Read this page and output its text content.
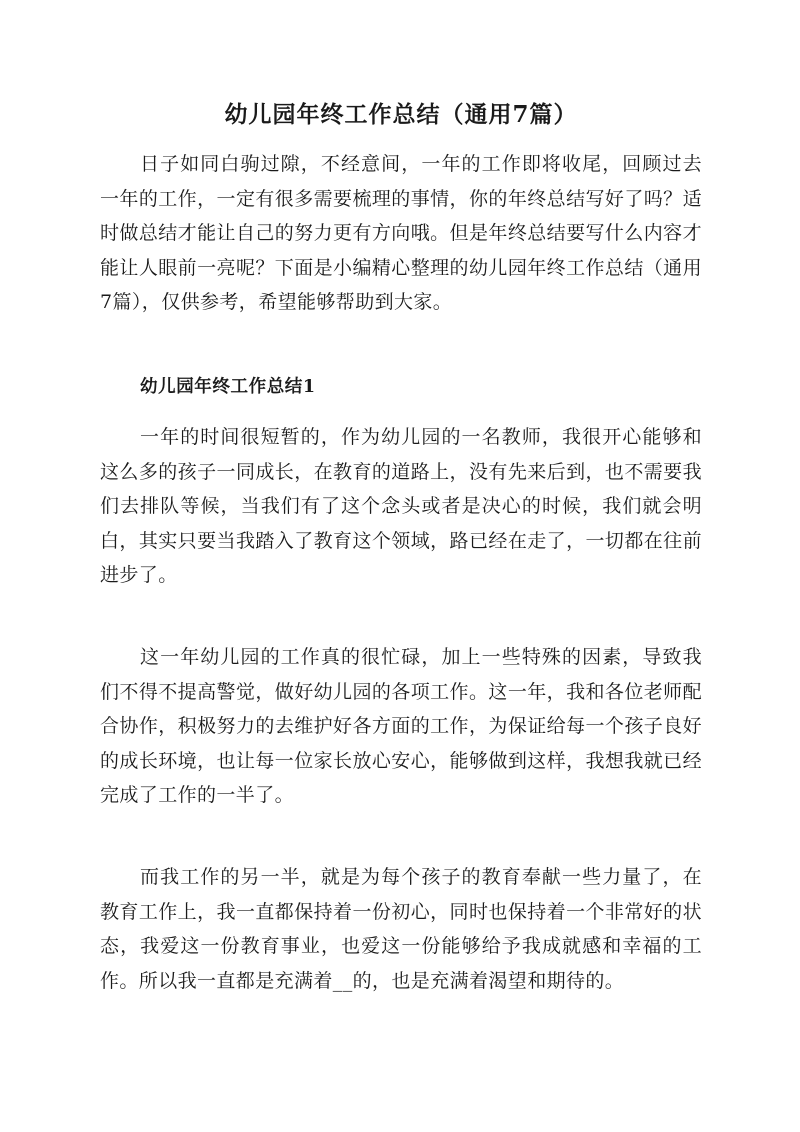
幼儿园年终工作总结（通用7篇）

日子如同白驹过隙，不经意间，一年的工作即将收尾，回顾过去一年的工作，一定有很多需要梳理的事情，你的年终总结写好了吗？适时做总结才能让自己的努力更有方向哦。但是年终总结要写什么内容才能让人眼前一亮呢？下面是小编精心整理的幼儿园年终工作总结（通用7篇），仅供参考，希望能够帮助到大家。

幼儿园年终工作总结1

一年的时间很短暂的，作为幼儿园的一名教师，我很开心能够和这么多的孩子一同成长，在教育的道路上，没有先来后到，也不需要我们去排队等候，当我们有了这个念头或者是决心的时候，我们就会明白，其实只要当我踏入了教育这个领域，路已经在走了，一切都在往前进步了。

这一年幼儿园的工作真的很忙碌，加上一些特殊的因素，导致我们不得不提高警觉，做好幼儿园的各项工作。这一年，我和各位老师配合协作，积极努力的去维护好各方面的工作，为保证给每一个孩子良好的成长环境，也让每一位家长放心安心，能够做到这样，我想我就已经完成了工作的一半了。

而我工作的另一半，就是为每个孩子的教育奉献一些力量了，在教育工作上，我一直都保持着一份初心，同时也保持着一个非常好的状态，我爱这一份教育事业，也爱这一份能够给予我成就感和幸福的工作。所以我一直都是充满着__的，也是充满着渴望和期待的。
